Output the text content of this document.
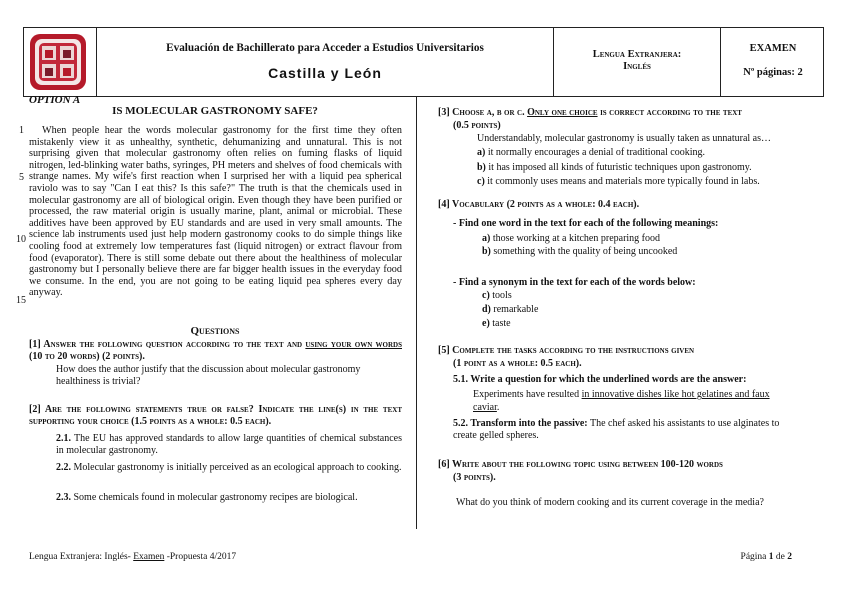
Evaluación de Bachillerato para Acceder a Estudios Universitarios
Castilla y León
Lengua Extranjera:
Inglés
EXAMEN
Nº páginas: 2
OPTION A
IS MOLECULAR GASTRONOMY SAFE?
1
5
10
15

When people hear the words molecular gastronomy for the first time they often mistakenly view it as unhealthy, synthetic, dehumanizing and unnatural. This is not surprising given that molecular gastronomy often relies on fuming flasks of liquid nitrogen, led-blinking water baths, syringes, PH meters and shelves of food chemicals with strange names. My wife's first reaction when I surprised her with a liquid pea spherical raviolo was to say "Can I eat this? Is this safe?" The truth is that the chemicals used in molecular gastronomy are all of biological origin. Even though they have been purified or processed, the raw material origin is usually marine, plant, animal or microbial. These additives have been approved by EU standards and are used in very small amounts. The science lab instruments used just help modern gastronomy cooks to do simple things like cooling food at extremely low temperatures fast (liquid nitrogen) or extract flavour from food (evaporator). There is still some debate out there about the healthiness of molecular gastronomy but I personally believe there are far bigger health issues in the everyday food we consume. In the end, you are not going to be eating liquid pea spheres every day anyway.

Questions
[1] Answer the following question according to the text and using your own words (10 to 20 words) (2 points).
How does the author justify that the discussion about molecular gastronomy healthiness is trivial?
[2] Are the following statements true or false? Indicate the line(s) in the text supporting your choice (1.5 points as a whole: 0.5 each).
2.1. The EU has approved standards to allow large quantities of chemical substances in molecular gastronomy.
2.2. Molecular gastronomy is initially perceived as an ecological approach to cooking.
2.3. Some chemicals found in molecular gastronomy recipes are biological.
[3] Choose a, b or c. Only one choice is correct according to the text
(0.5 points)
Understandably, molecular gastronomy is usually taken as unnatural as…
a) it normally encourages a denial of traditional cooking.
b) it has imposed all kinds of futuristic techniques upon gastronomy.
c) it commonly uses means and materials more typically found in labs.
[4] Vocabulary (2 points as a whole: 0.4 each).
- Find one word in the text for each of the following meanings:
a) those working at a kitchen preparing food
b) something with the quality of being uncooked
- Find a synonym in the text for each of the words below:
c) tools
d) remarkable
e) taste
[5] Complete the tasks according to the instructions given
(1 point as a whole: 0.5 each).
5.1. Write a question for which the underlined words are the answer:
Experiments have resulted in innovative dishes like hot gelatines and faux caviar.
5.2. Transform into the passive: The chef asked his assistants to use alginates to create gelled spheres.
[6] Write about the following topic using between 100-120 words
(3 points).
What do you think of modern cooking and its current coverage in the media?
Lengua Extranjera: Inglés- Examen -Propuesta 4/2017	Página 1 de 2
